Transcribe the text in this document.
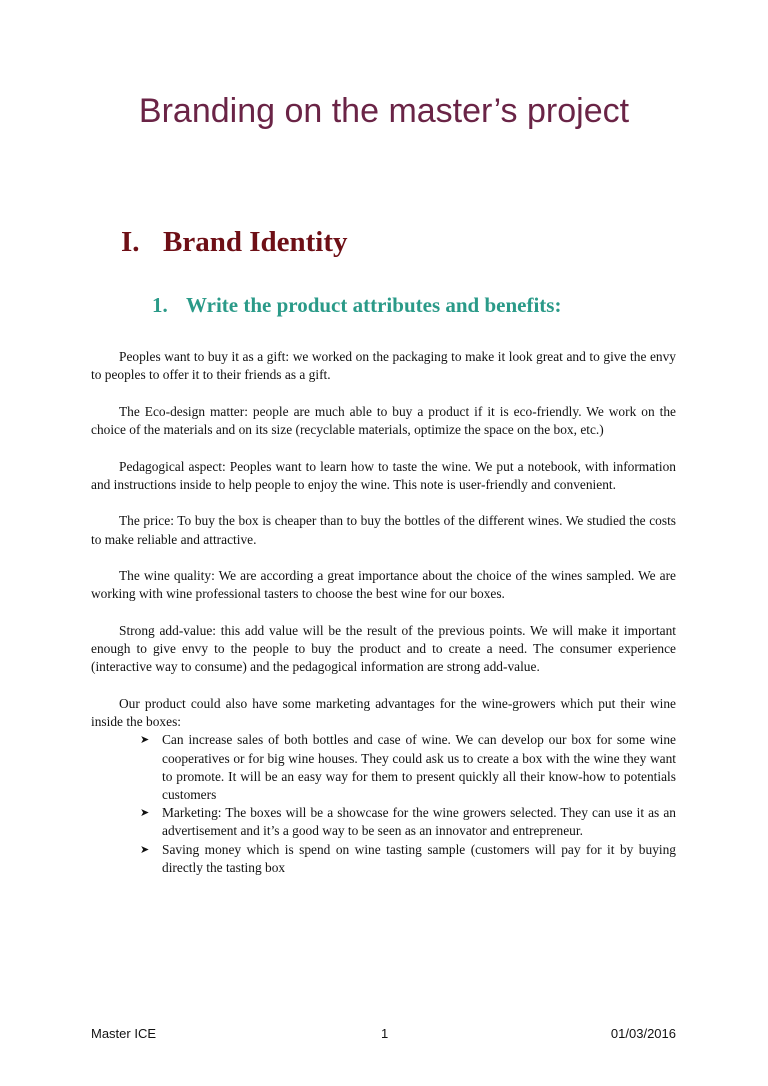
Branding on the master’s project
I. Brand Identity
1. Write the product attributes and benefits:

Peoples want to buy it as a gift: we worked on the packaging to make it look great and to give the envy to peoples to offer it to their friends as a gift.

The Eco-design matter: people are much able to buy a product if it is eco-friendly. We work on the choice of the materials and on its size (recyclable materials, optimize the space on the box, etc.)

Pedagogical aspect: Peoples want to learn how to taste the wine. We put a notebook, with information and instructions inside to help people to enjoy the wine. This note is user-friendly and convenient.

The price: To buy the box is cheaper than to buy the bottles of the different wines. We studied the costs to make reliable and attractive.

The wine quality: We are according a great importance about the choice of the wines sampled. We are working with wine professional tasters to choose the best wine for our boxes.

Strong add-value: this add value will be the result of the previous points. We will make it important enough to give envy to the people to buy the product and to create a need. The consumer experience (interactive way to consume) and the pedagogical information are strong add-value.

Our product could also have some marketing advantages for the wine-growers which put their wine inside the boxes:

➤ Can increase sales of both bottles and case of wine. We can develop our box for some wine cooperatives or for big wine houses. They could ask us to create a box with the wine they want to promote. It will be an easy way for them to present quickly all their know-how to potentials customers
➤ Marketing: The boxes will be a showcase for the wine growers selected. They can use it as an advertisement and it’s a good way to be seen as an innovator and entrepreneur.
➤ Saving money which is spend on wine tasting sample (customers will pay for it by buying directly the tasting box
Master ICE	1	01/03/2016
